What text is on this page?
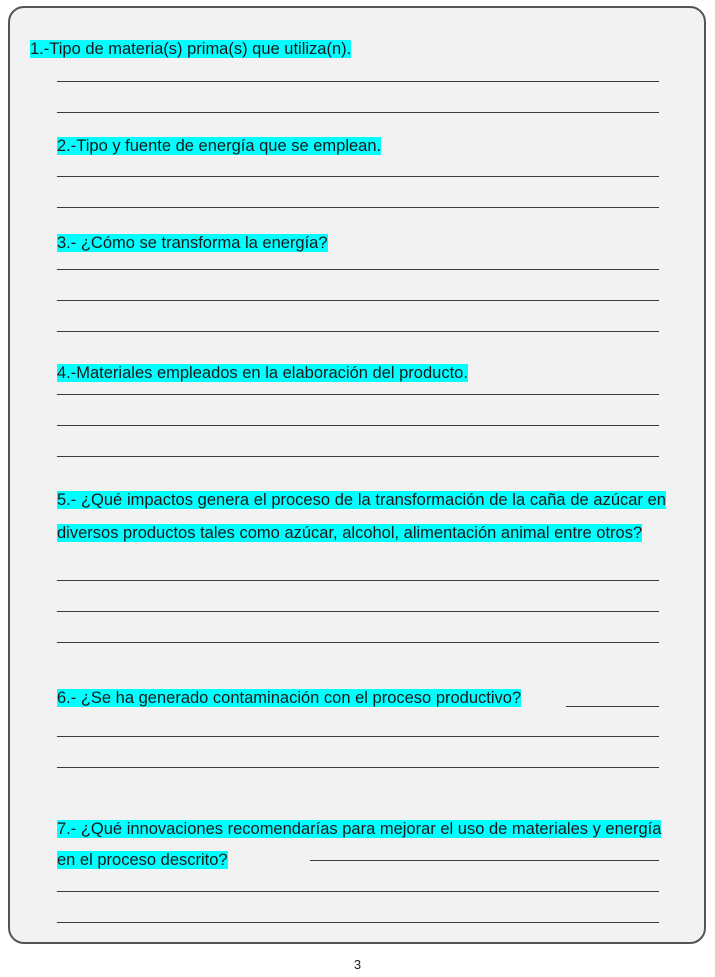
1.-Tipo de materia(s) prima(s) que utiliza(n).
2.-Tipo y fuente de energía que se emplean.
3.- ¿Cómo se transforma la energía?
4.-Materiales empleados en la elaboración del producto.
5.- ¿Qué impactos genera el proceso de la transformación de la caña de azúcar en diversos productos tales como azúcar, alcohol, alimentación animal entre otros?
6.- ¿Se ha generado contaminación con el proceso productivo?
7.- ¿Qué innovaciones recomendarías para mejorar el uso de materiales y energía en el proceso descrito?
3
